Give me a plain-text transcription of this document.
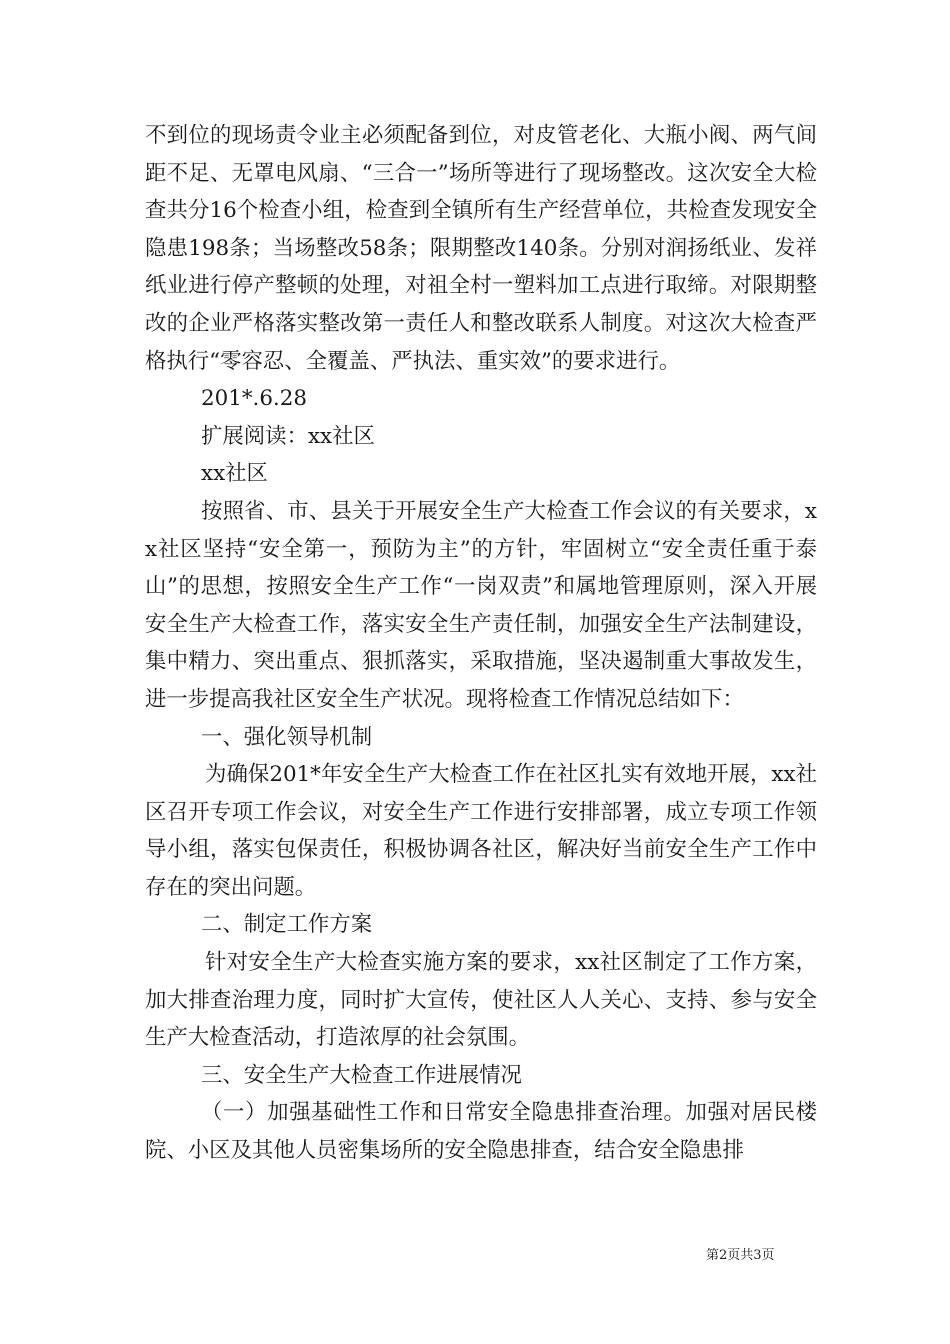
不到位的现场责令业主必须配备到位，对皮管老化、大瓶小阀、两气间距不足、无罩电风扇、“三合一”场所等进行了现场整改。这次安全大检查共分16个检查小组，检查到全镇所有生产经营单位，共检查发现安全隐患198条；当场整改58条；限期整改140条。分别对润扬纸业、发祥纸业进行停产整顿的处理，对祖全村一塑料加工点进行取缔。对限期整改的企业严格落实整改第一责任人和整改联系人制度。对这次大检查严格执行“零容忍、全覆盖、严执法、重实效”的要求进行。

201*.6.28

扩展阅读：xx社区

xx社区

按照省、市、县关于开展安全生产大检查工作会议的有关要求，xx社区坚持“安全第一，预防为主”的方针，牢固树立“安全责任重于泰山”的思想，按照安全生产工作“一岗双责”和属地管理原则，深入开展安全生产大检查工作，落实安全生产责任制，加强安全生产法制建设，集中精力、突出重点、狠抓落实，采取措施，坚决遏制重大事故发生，进一步提高我社区安全生产状况。现将检查工作情况总结如下：

一、强化领导机制

为确保201*年安全生产大检查工作在社区扎实有效地开展，xx社区召开专项工作会议，对安全生产工作进行安排部署，成立专项工作领导小组，落实包保责任，积极协调各社区，解决好当前安全生产工作中存在的突出问题。

二、制定工作方案

针对安全生产大检查实施方案的要求，xx社区制定了工作方案，加大排查治理力度，同时扩大宣传，使社区人人关心、支持、参与安全生产大检查活动，打造浓厚的社会氛围。

三、安全生产大检查工作进展情况

（一）加强基础性工作和日常安全隐患排查治理。加强对居民楼院、小区及其他人员密集场所的安全隐患排查，结合安全隐患排

第2页共3页
